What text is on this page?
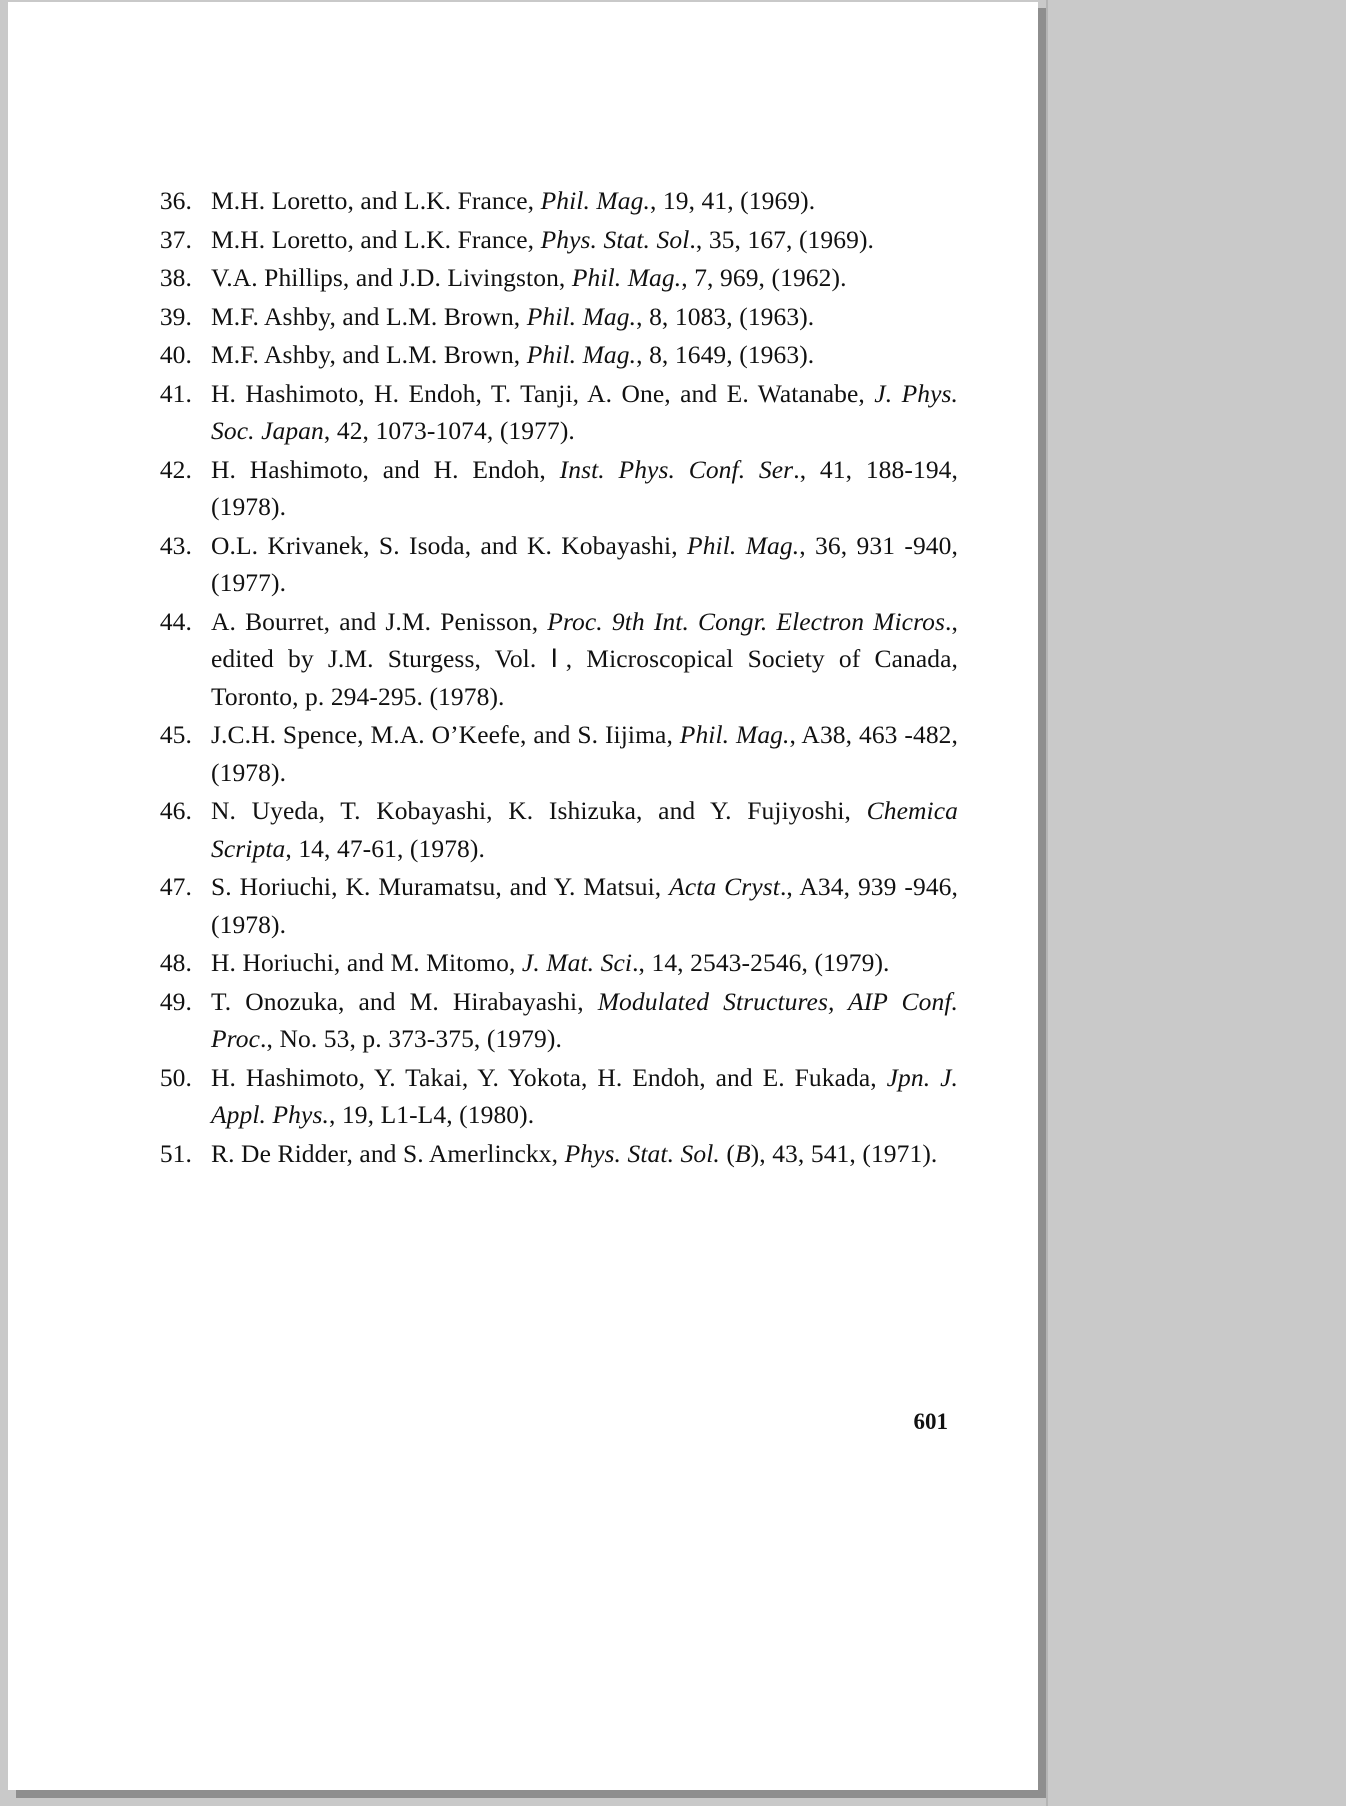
36. M.H. Loretto, and L.K. France, Phil. Mag., 19, 41, (1969).
37. M.H. Loretto, and L.K. France, Phys. Stat. Sol., 35, 167, (1969).
38. V.A. Phillips, and J.D. Livingston, Phil. Mag., 7, 969, (1962).
39. M.F. Ashby, and L.M. Brown, Phil. Mag., 8, 1083, (1963).
40. M.F. Ashby, and L.M. Brown, Phil. Mag., 8, 1649, (1963).
41. H. Hashimoto, H. Endoh, T. Tanji, A. One, and E. Watanabe, J. Phys. Soc. Japan, 42, 1073-1074, (1977).
42. H. Hashimoto, and H. Endoh, Inst. Phys. Conf. Ser., 41, 188-194, (1978).
43. O.L. Krivanek, S. Isoda, and K. Kobayashi, Phil. Mag., 36, 931 -940, (1977).
44. A. Bourret, and J.M. Penisson, Proc. 9th Int. Congr. Electron Micros., edited by J.M. Sturgess, Vol. Ⅰ, Microscopical Society of Canada, Toronto, p. 294-295. (1978).
45. J.C.H. Spence, M.A. O’Keefe, and S. Iijima, Phil. Mag., A38, 463 -482, (1978).
46. N. Uyeda, T. Kobayashi, K. Ishizuka, and Y. Fujiyoshi, Chemica Scripta, 14, 47-61, (1978).
47. S. Horiuchi, K. Muramatsu, and Y. Matsui, Acta Cryst., A34, 939 -946, (1978).
48. H. Horiuchi, and M. Mitomo, J. Mat. Sci., 14, 2543-2546, (1979).
49. T. Onozuka, and M. Hirabayashi, Modulated Structures, AIP Conf. Proc., No. 53, p. 373-375, (1979).
50. H. Hashimoto, Y. Takai, Y. Yokota, H. Endoh, and E. Fukada, Jpn. J. Appl. Phys., 19, L1-L4, (1980).
51. R. De Ridder, and S. Amerlinckx, Phys. Stat. Sol. (B), 43, 541, (1971).
601
